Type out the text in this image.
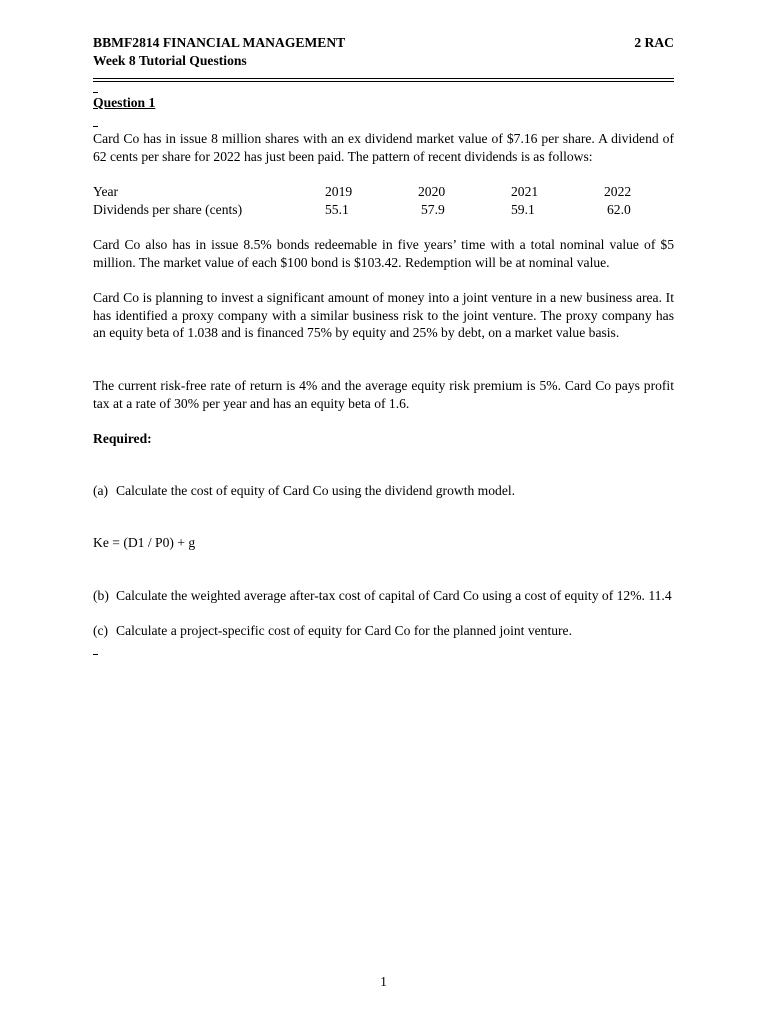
BBMF2814 FINANCIAL MANAGEMENT	2 RAC
Week 8 Tutorial Questions
Question 1
Card Co has in issue 8 million shares with an ex dividend market value of $7.16 per share. A dividend of 62 cents per share for 2022 has just been paid. The pattern of recent dividends is as follows:
Year	2019	2020	2021	2022
Dividends per share (cents)	55.1	57.9	59.1	62.0
Card Co also has in issue 8.5% bonds redeemable in five years’ time with a total nominal value of $5 million. The market value of each $100 bond is $103.42. Redemption will be at nominal value.
Card Co is planning to invest a significant amount of money into a joint venture in a new business area. It has identified a proxy company with a similar business risk to the joint venture. The proxy company has an equity beta of 1.038 and is financed 75% by equity and 25% by debt, on a market value basis.
The current risk-free rate of return is 4% and the average equity risk premium is 5%. Card Co pays profit tax at a rate of 30% per year and has an equity beta of 1.6.
Required:
(a) Calculate the cost of equity of Card Co using the dividend growth model.
Ke = (D1 / P0) + g
(b) Calculate the weighted average after-tax cost of capital of Card Co using a cost of equity of 12%. 11.4
(c) Calculate a project-specific cost of equity for Card Co for the planned joint venture.
1
